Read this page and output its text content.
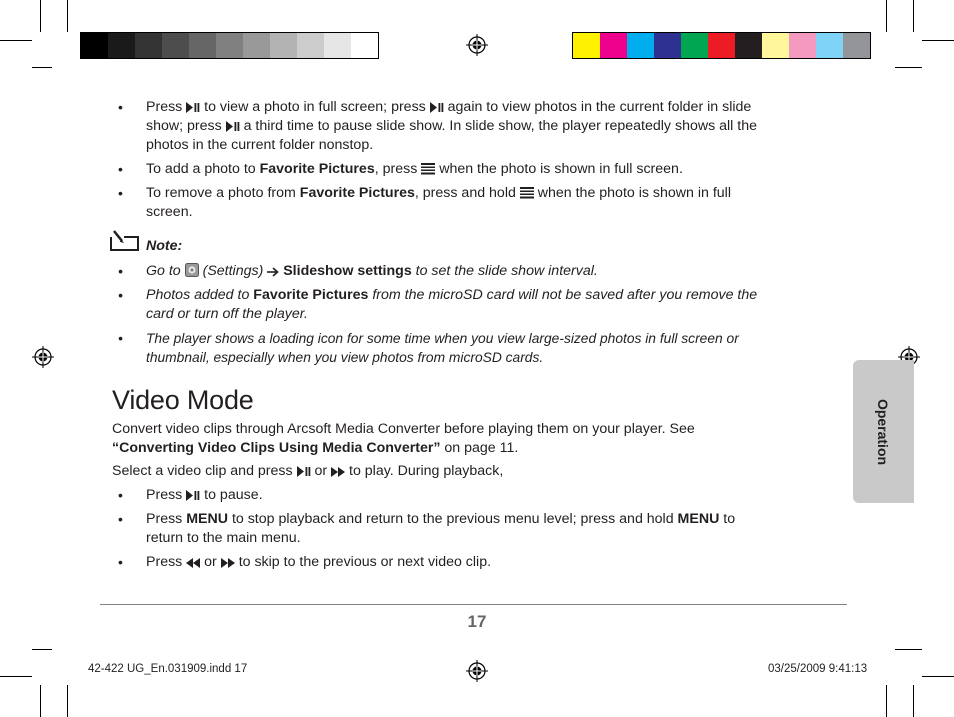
Operation
• Press  to view a photo in full screen; press  again to view photos in the current folder in slide
show; press  a third time to pause slide show. In slide show, the player repeatedly shows all the
photos in the current folder nonstop.
• To add a photo to Favorite Pictures, press  when the photo is shown in full screen.
• To remove a photo from Favorite Pictures, press and hold  when the photo is shown in full
screen.
Note:
• Go to  (Settings)  Slideshow settings to set the slide show interval.
• Photos added to Favorite Pictures from the microSD card will not be saved after you remove the
card or turn off the player.
• The player shows a loading icon for some time when you view large-sized photos in full screen or
thumbnail, especially when you view photos from microSD cards.
Video Mode
Convert video clips through Arcsoft Media Converter before playing them on your player. See
“Converting Video Clips Using Media Converter” on page 11.
Select a video clip and press  or  to play. During playback,
• Press  to pause.
• Press MENU to stop playback and return to the previous menu level; press and hold MENU to
return to the main menu.
• Press  or  to skip to the previous or next video clip.
17
42-422 UG_En.031909.indd 17	03/25/2009 9:41:13
